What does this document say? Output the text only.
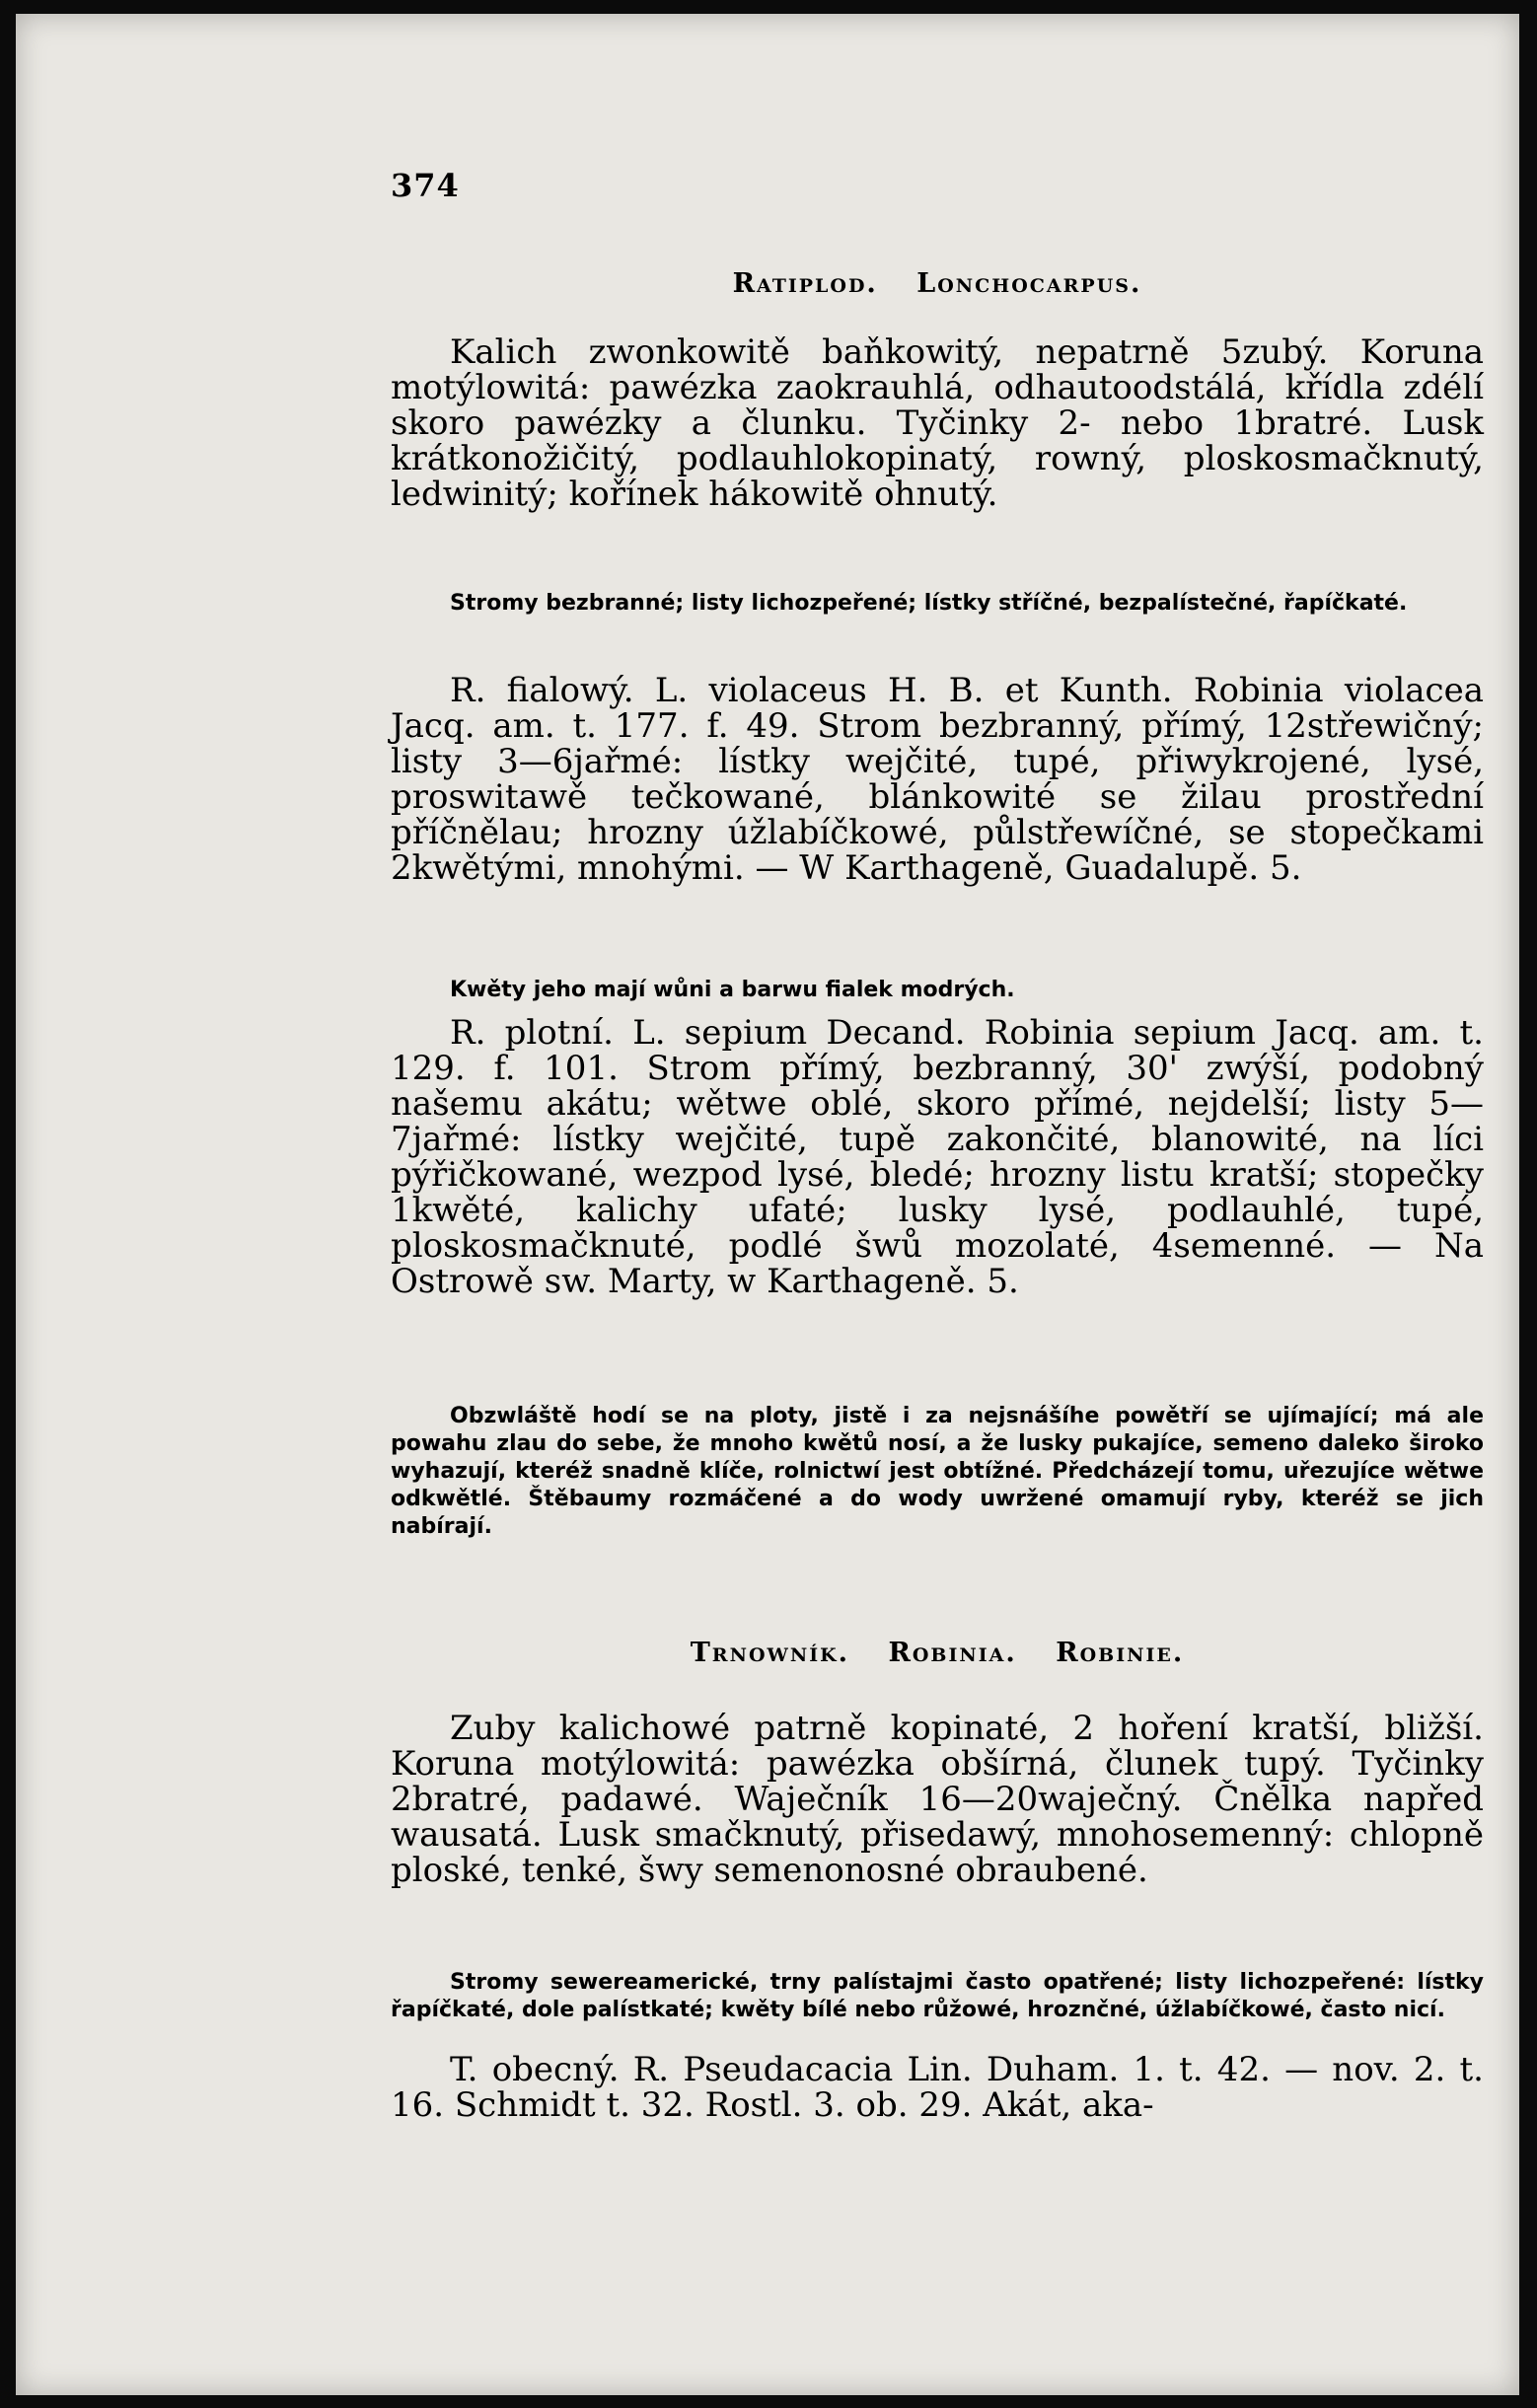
374
Ratiplod. Lonchocarpus.
Kalich zwonkowitě baňkowitý, nepatrně 5zubý. Koruna motýlowitá: pawézka zaokrauhlá, odhautoodstálá, křídla zdélí skoro pawézky a člunku. Tyčinky 2- nebo 1bratré. Lusk krátkonožičitý, podlauhlokopinatý, rowný, ploskosmačknutý, ledwinitý; kořínek hákowitě ohnutý.
Stromy bezbranné; listy lichozpeřené; lístky stříčné, bezpalístečné, řapíčkaté.
R. fialowý. L. violaceus H. B. et Kunth. Robinia violacea Jacq. am. t. 177. f. 49. Strom bezbranný, přímý, 12střewičný; listy 3—6jařmé: lístky wejčité, tupé, přiwykrojené, lysé, proswitawě tečkowané, blánkowité se žilau prostřední příčnělau; hrozny úžlabíčkowé, půlstřewíčné, se stopečkami 2kwětými, mnohými. — W Karthageně, Guadalupě. 5.
Kwěty jeho mají wůni a barwu fialek modrých.
R. plotní. L. sepium Decand. Robinia sepium Jacq. am. t. 129. f. 101. Strom přímý, bezbranný, 30' zwýší, podobný našemu akátu; wětwe oblé, skoro přímé, nejdelší; listy 5—7jařmé: lístky wejčité, tupě zakončité, blanowité, na líci pýřičkowané, wezpod lysé, bledé; hrozny listu kratší; stopečky 1kwěté, kalichy ufaté; lusky lysé, podlauhlé, tupé, ploskosmačknuté, podlé šwů mozolaté, 4semenné. — Na Ostrowě sw. Marty, w Karthageně. 5.
Obzwláště hodí se na ploty, jistě i za nejsnášíhe powětří se ujímající; má ale powahu zlau do sebe, že mnoho kwětů nosí, a že lusky pukajíce, semeno daleko široko wyhazují, kteréž snadně klíče, rolnictwí jest obtížné. Předcházejí tomu, uřezujíce wětwe odkwětlé. Štěbaumy rozmáčené a do wody uwržené omamují ryby, kteréž se jich nabírají.
Trnowník. Robinia. Robinie.
Zuby kalichowé patrně kopinaté, 2 hoření kratší, bližší. Koruna motýlowitá: pawézka obšírná, člunek tupý. Tyčinky 2bratré, padawé. Waječník 16—20waječný. Čnělka napřed wausatá. Lusk smačknutý, přisedawý, mnohosemenný: chlopně ploské, tenké, šwy semenonosné obraubené.
Stromy sewereamerické, trny palístajmi často opatřené; listy lichozpeřené: lístky řapíčkaté, dole palístkaté; kwěty bílé nebo růžowé, hroznčné, úžlabíčkowé, často nicí.
T. obecný. R. Pseudacacia Lin. Duham. 1. t. 42. — nov. 2. t. 16. Schmidt t. 32. Rostl. 3. ob. 29. Akát, aka-
